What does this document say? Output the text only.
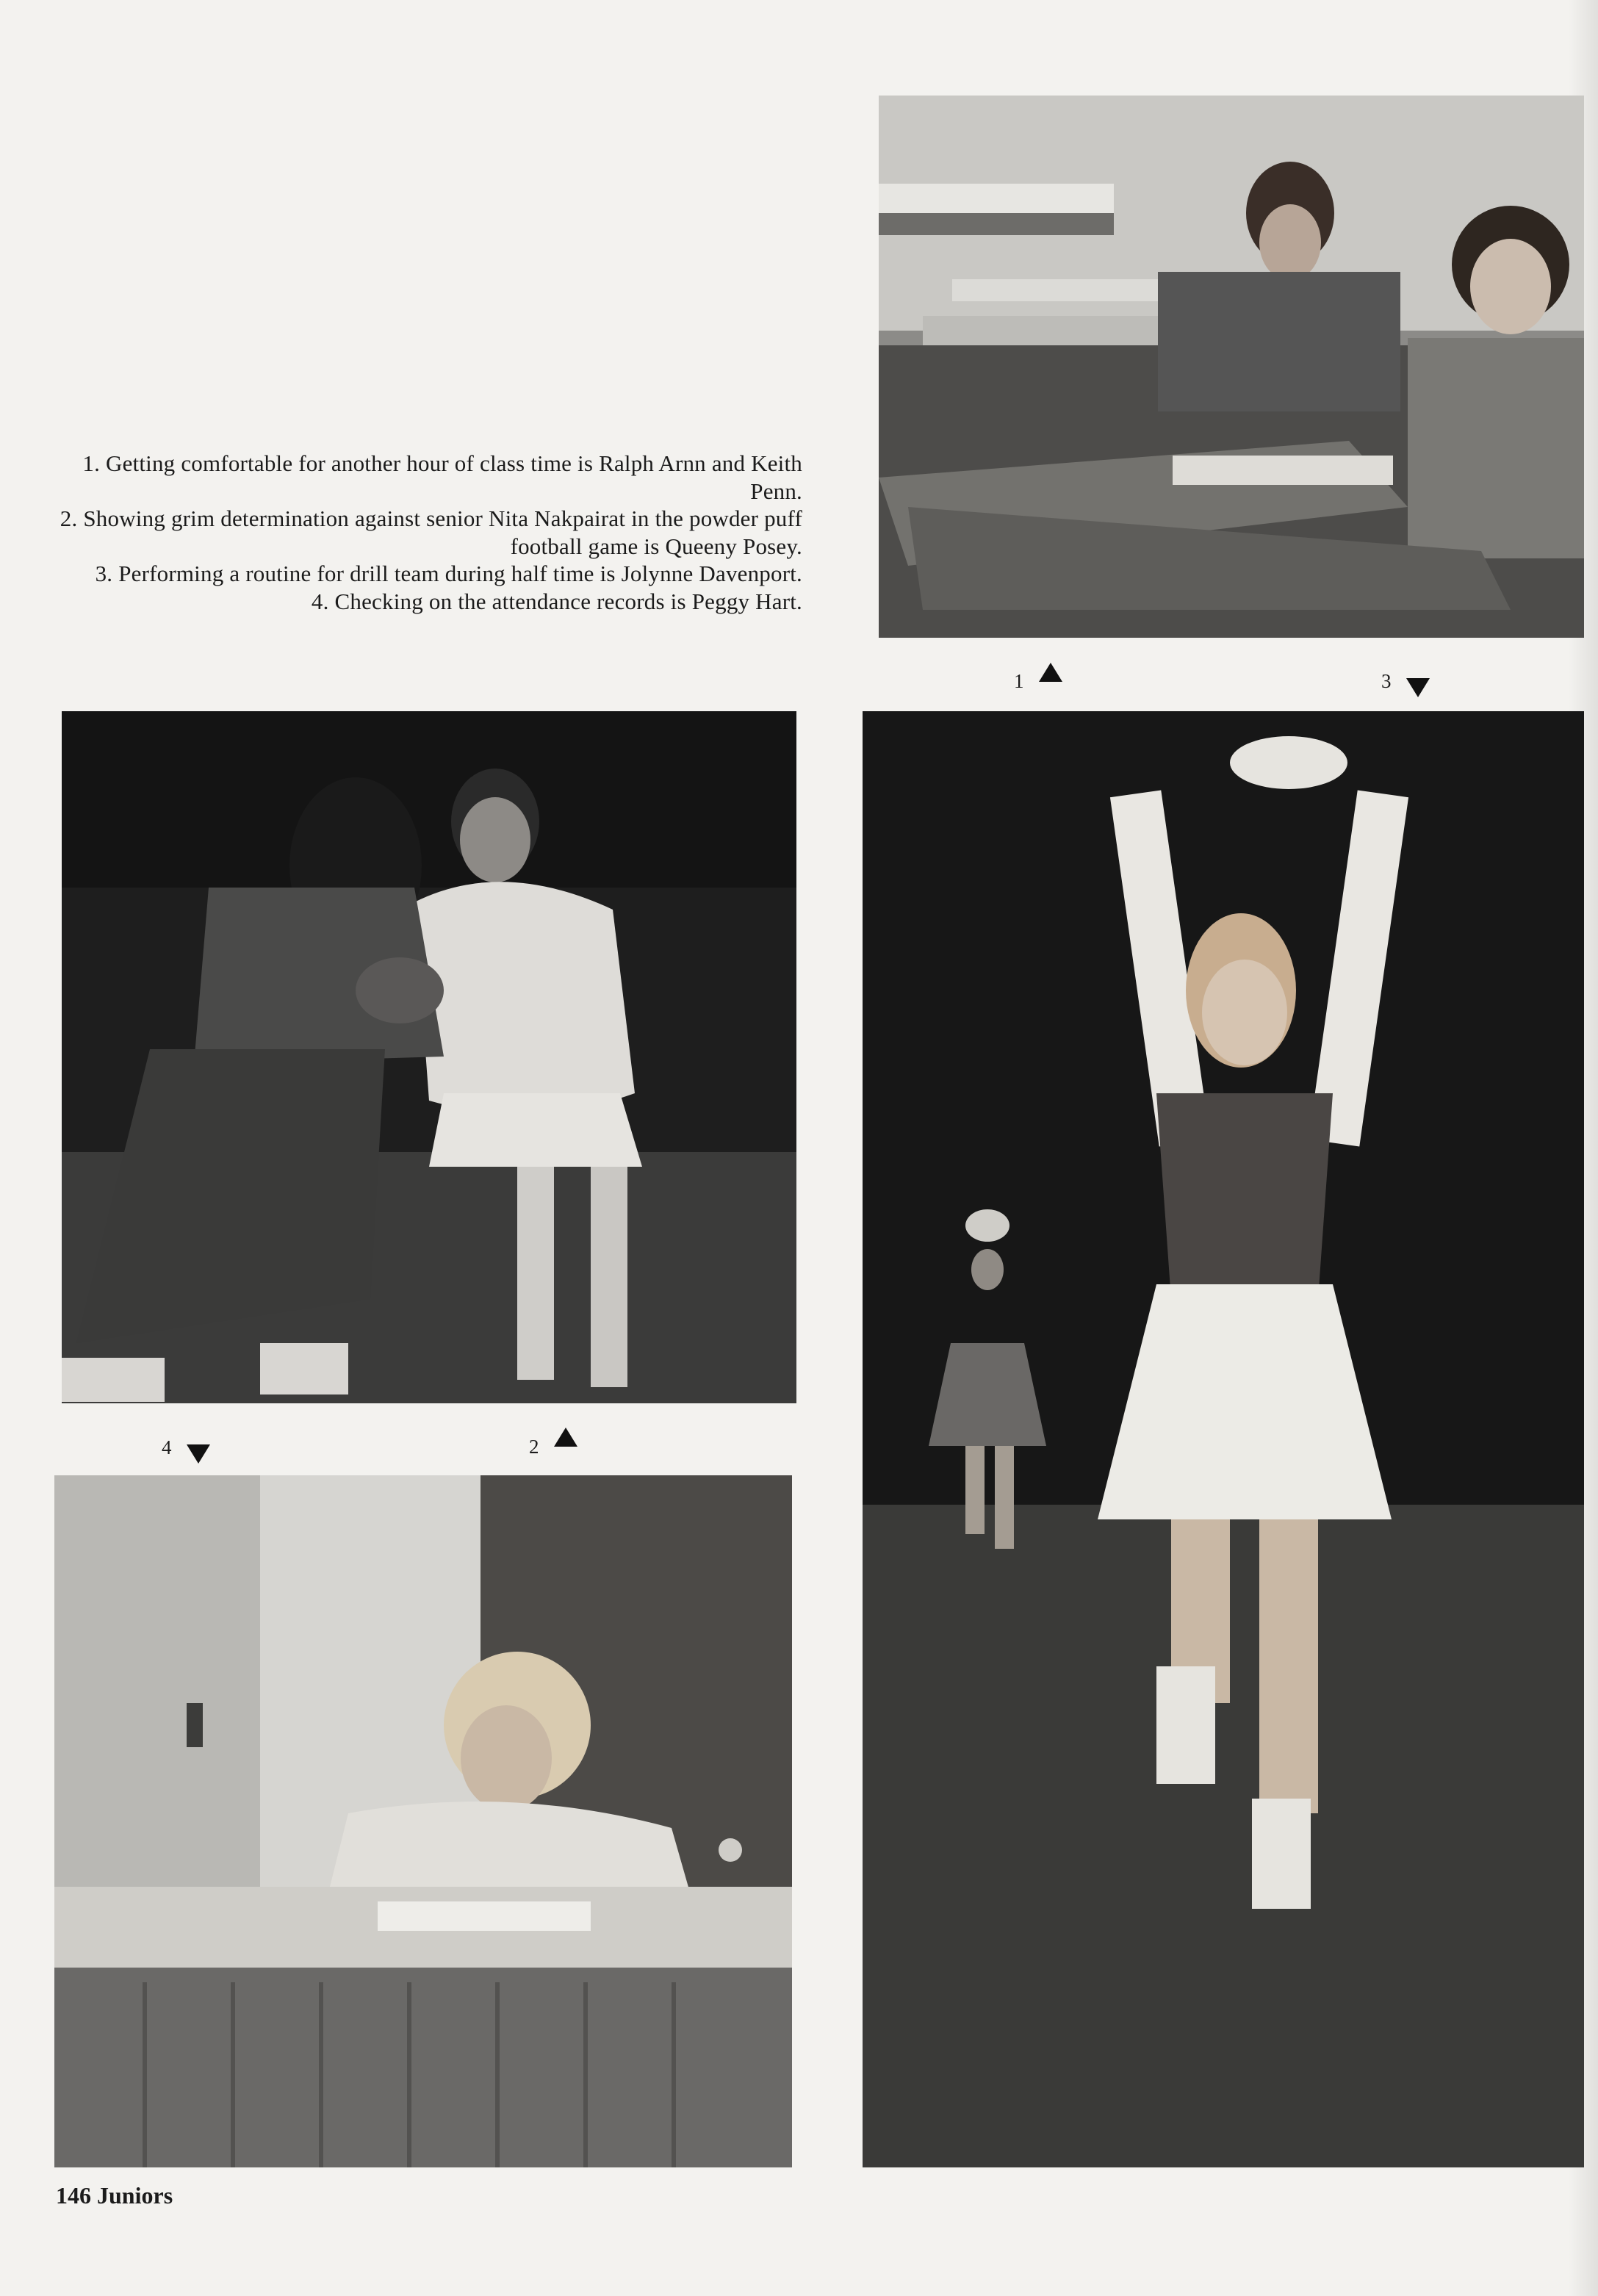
1. Getting comfortable for another hour of class time is Ralph Arnn and Keith Penn.

2. Showing grim determination against senior Nita Nakpairat in the powder puff football game is Queeny Posey.

3. Performing a routine for drill team during half time is Jolynne Davenport.

4. Checking on the attendance records is Peggy Hart.

1	3
4	2
146 Juniors
